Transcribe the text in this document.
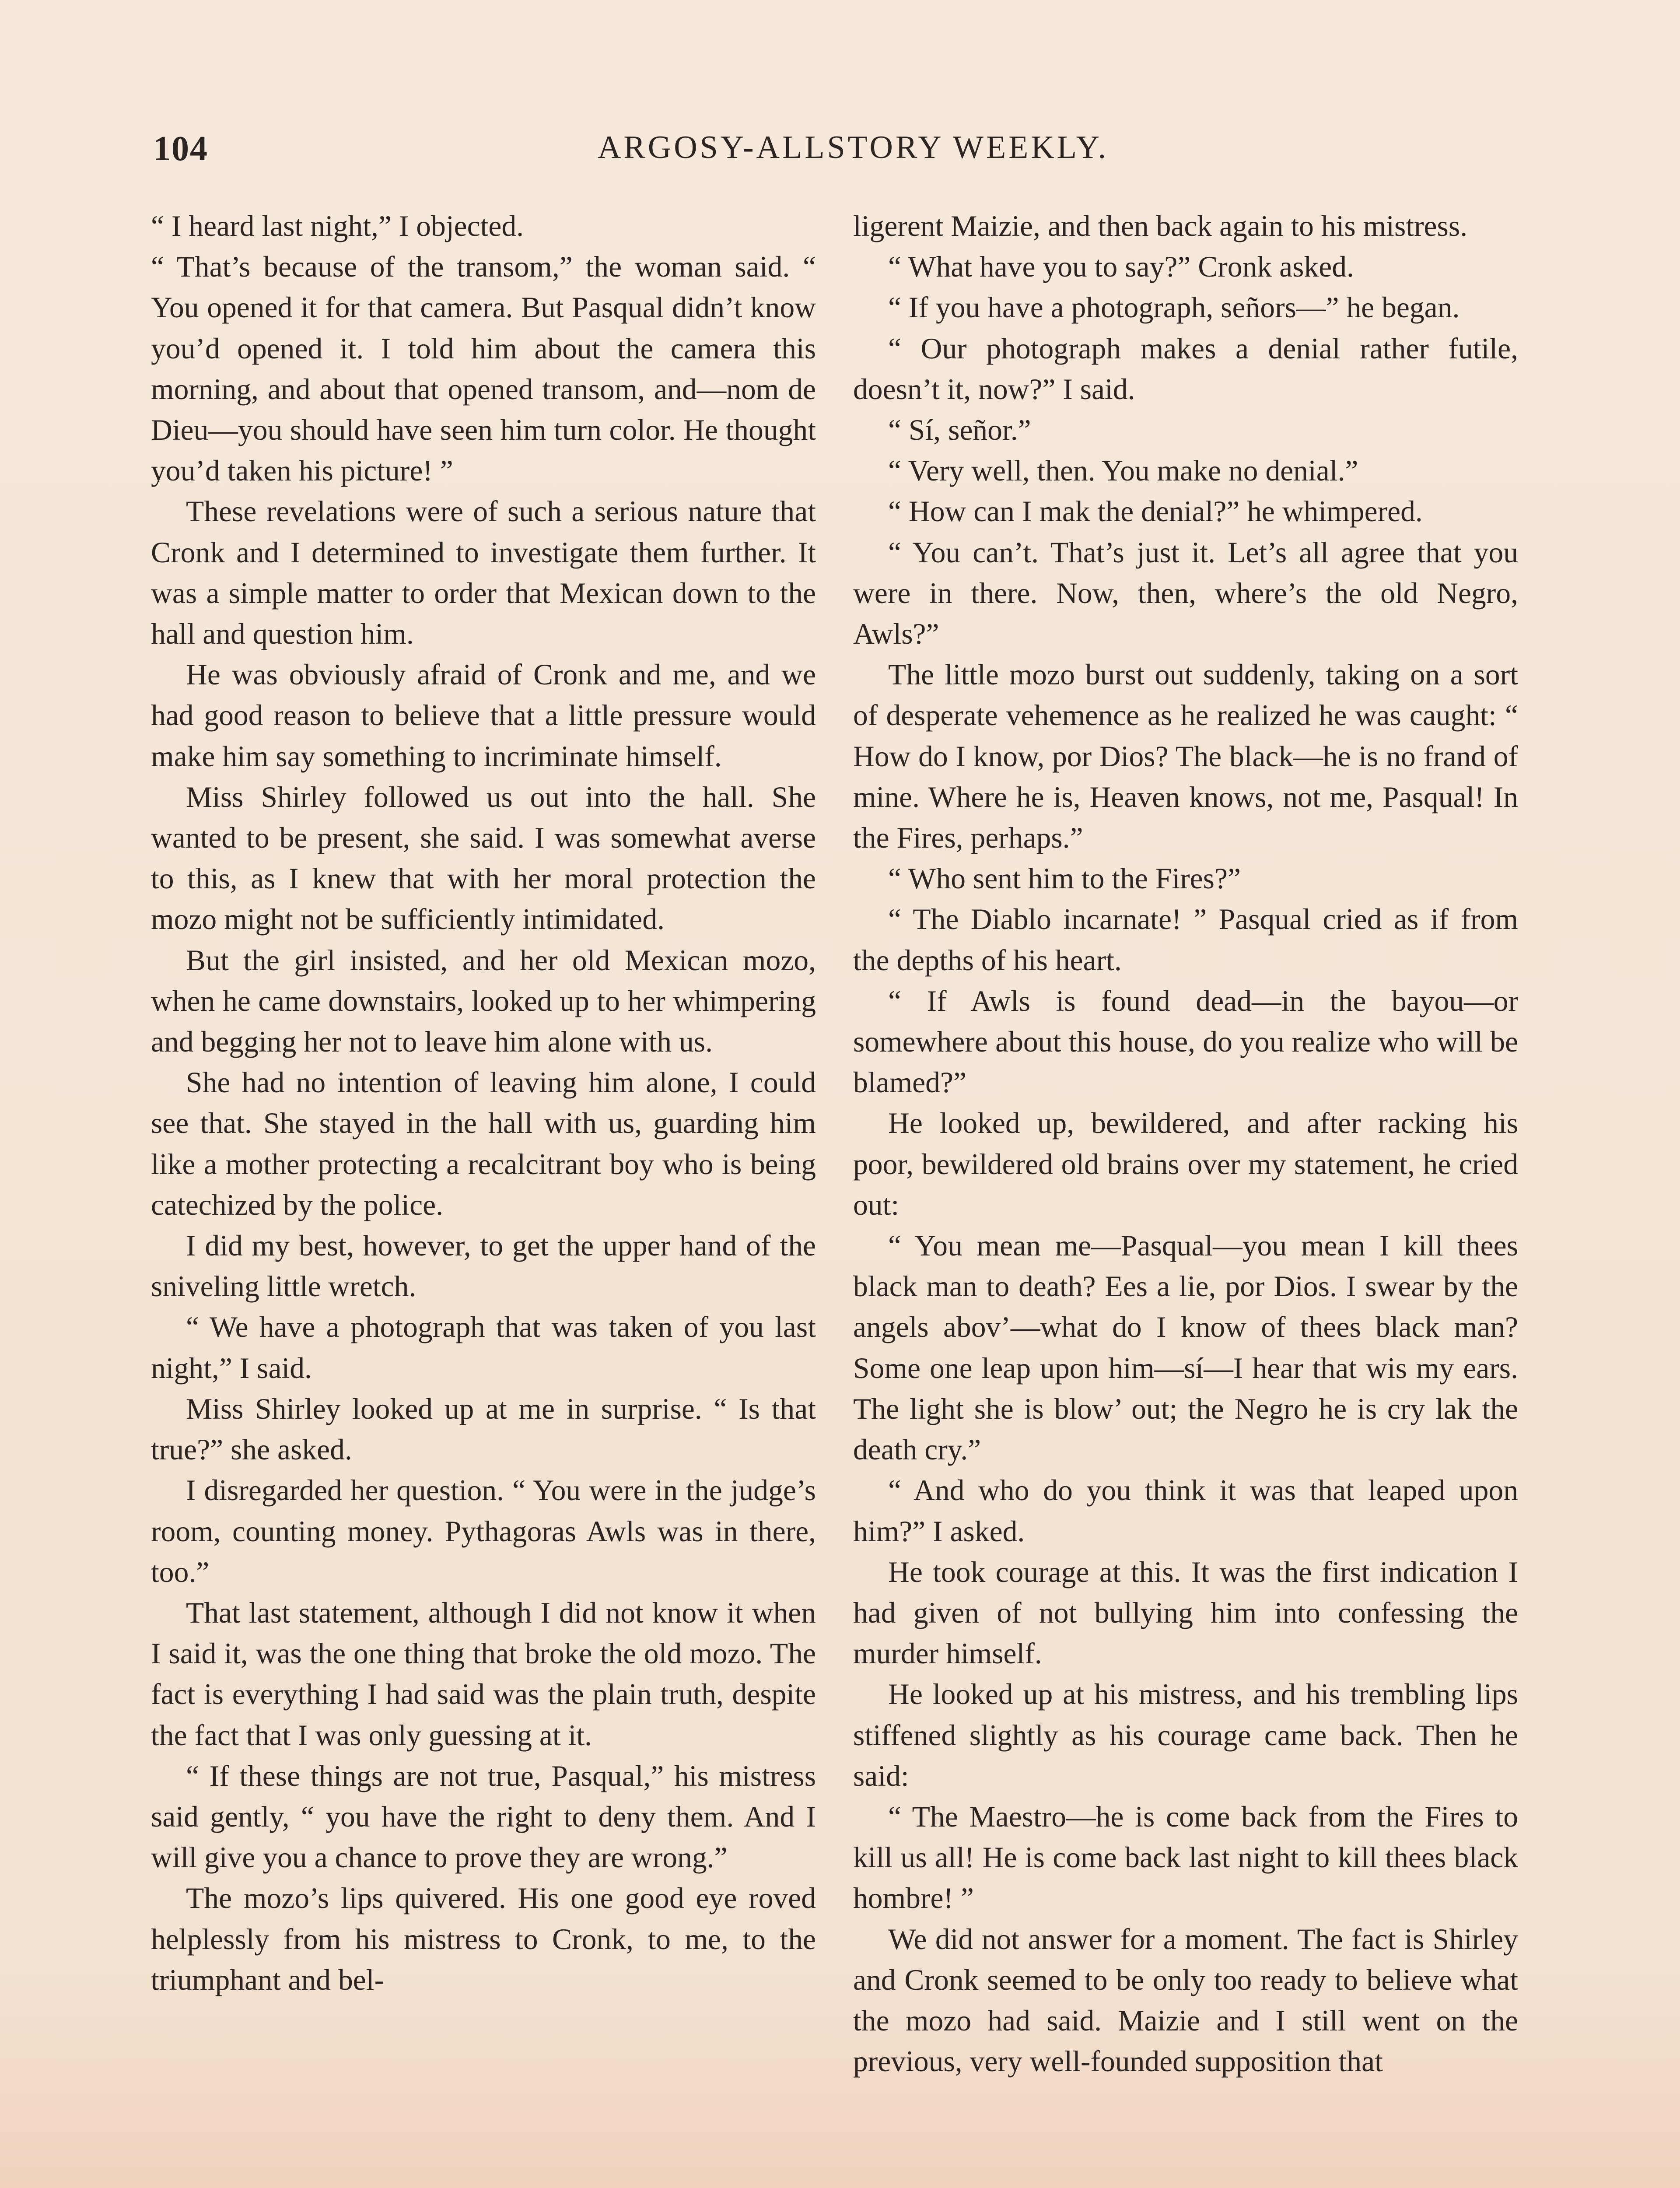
104	ARGOSY-ALLSTORY WEEKLY.

“ I heard last night,” I objected.

“ That’s because of the transom,” the woman said. “ You opened it for that camera. But Pasqual didn’t know you’d opened it. I told him about the camera this morning, and about that opened transom, and—nom de Dieu—you should have seen him turn color. He thought you’d taken his picture! ”

These revelations were of such a serious nature that Cronk and I determined to investigate them further. It was a simple matter to order that Mexican down to the hall and question him.

He was obviously afraid of Cronk and me, and we had good reason to believe that a little pressure would make him say something to incriminate himself.

Miss Shirley followed us out into the hall. She wanted to be present, she said. I was somewhat averse to this, as I knew that with her moral protection the mozo might not be sufficiently intimidated.

But the girl insisted, and her old Mexican mozo, when he came downstairs, looked up to her whimpering and begging her not to leave him alone with us.

She had no intention of leaving him alone, I could see that. She stayed in the hall with us, guarding him like a mother protecting a recalcitrant boy who is being catechized by the police.

I did my best, however, to get the upper hand of the sniveling little wretch.

“ We have a photograph that was taken of you last night,” I said.

Miss Shirley looked up at me in surprise. “ Is that true?” she asked.

I disregarded her question. “ You were in the judge’s room, counting money. Pythagoras Awls was in there, too.”

That last statement, although I did not know it when I said it, was the one thing that broke the old mozo. The fact is everything I had said was the plain truth, despite the fact that I was only guessing at it.

“ If these things are not true, Pasqual,” his mistress said gently, “ you have the right to deny them. And I will give you a chance to prove they are wrong.”

The mozo’s lips quivered. His one good eye roved helplessly from his mistress to Cronk, to me, to the triumphant and bel-

ligerent Maizie, and then back again to his mistress.

“ What have you to say?” Cronk asked.

“ If you have a photograph, señors—” he began.

“ Our photograph makes a denial rather futile, doesn’t it, now?” I said.

“ Sí, señor.”

“ Very well, then. You make no denial.”

“ How can I mak the denial?” he whimpered.

“ You can’t. That’s just it. Let’s all agree that you were in there. Now, then, where’s the old Negro, Awls?”

The little mozo burst out suddenly, taking on a sort of desperate vehemence as he realized he was caught: “ How do I know, por Dios? The black—he is no frand of mine. Where he is, Heaven knows, not me, Pasqual! In the Fires, perhaps.”

“ Who sent him to the Fires?”

“ The Diablo incarnate! ” Pasqual cried as if from the depths of his heart.

“ If Awls is found dead—in the bayou—or somewhere about this house, do you realize who will be blamed?”

He looked up, bewildered, and after racking his poor, bewildered old brains over my statement, he cried out:

“ You mean me—Pasqual—you mean I kill thees black man to death? Ees a lie, por Dios. I swear by the angels abov’—what do I know of thees black man? Some one leap upon him—sí—I hear that wis my ears. The light she is blow’ out; the Negro he is cry lak the death cry.”

“ And who do you think it was that leaped upon him?” I asked.

He took courage at this. It was the first indication I had given of not bullying him into confessing the murder himself.

He looked up at his mistress, and his trembling lips stiffened slightly as his courage came back. Then he said:

“ The Maestro—he is come back from the Fires to kill us all! He is come back last night to kill thees black hombre! ”

We did not answer for a moment. The fact is Shirley and Cronk seemed to be only too ready to believe what the mozo had said. Maizie and I still went on the previous, very well-founded supposition that
